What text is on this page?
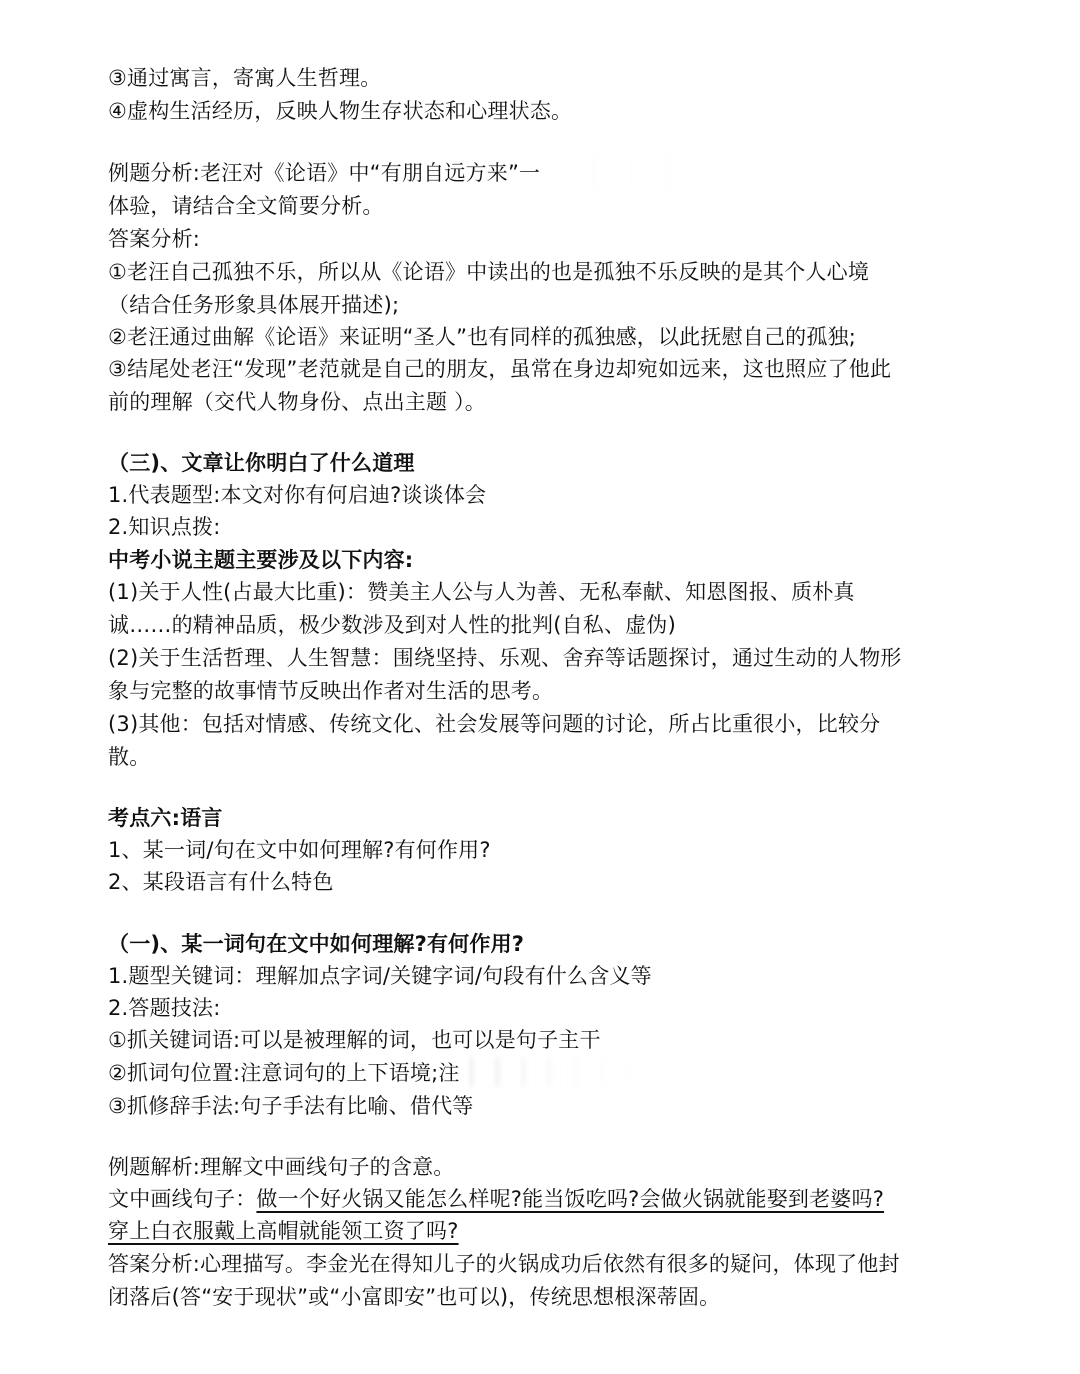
③通过寓言，寄寓人生哲理。
④虚构生活经历，反映人物生存状态和心理状态。
例题分析:老汪对《论语》中“有朋自远方来”一
体验，请结合全文简要分析。
答案分析:
①老汪自己孤独不乐，所以从《论语》中读出的也是孤独不乐反映的是其个人心境
（结合任务形象具体展开描述);
②老汪通过曲解《论语》来证明“圣人”也有同样的孤独感，以此抚慰自己的孤独;
③结尾处老汪“发现”老范就是自己的朋友，虽常在身边却宛如远来，这也照应了他此
前的理解（交代人物身份、点出主题 ）。
（三)、文章让你明白了什么道理
1.代表题型:本文对你有何启迪?谈谈体会
2.知识点拨:
中考小说主题主要涉及以下内容:
(1)关于人性(占最大比重)：赞美主人公与人为善、无私奉献、知恩图报、质朴真
诚……的精神品质，极少数涉及到对人性的批判(自私、虚伪)
(2)关于生活哲理、人生智慧：围绕坚持、乐观、舍弃等话题探讨，通过生动的人物形
象与完整的故事情节反映出作者对生活的思考。
(3)其他：包括对情感、传统文化、社会发展等问题的讨论，所占比重很小，比较分
散。
考点六:语言
1、某一词/句在文中如何理解?有何作用?
2、某段语言有什么特色
（一)、某一词句在文中如何理解?有何作用?
1.题型关键词：理解加点字词/关键字词/句段有什么含义等
2.答题技法:
①抓关键词语:可以是被理解的词，也可以是句子主干
②抓词句位置:注意词句的上下语境;注
③抓修辞手法:句子手法有比喻、借代等
例题解析:理解文中画线句子的含意。
文中画线句子：做一个好火锅又能怎么样呢?能当饭吃吗?会做火锅就能娶到老婆吗?
穿上白衣服戴上高帽就能领工资了吗?
答案分析:心理描写。李金光在得知儿子的火锅成功后依然有很多的疑问，体现了他封
闭落后(答“安于现状”或“小富即安”也可以)，传统思想根深蒂固。
